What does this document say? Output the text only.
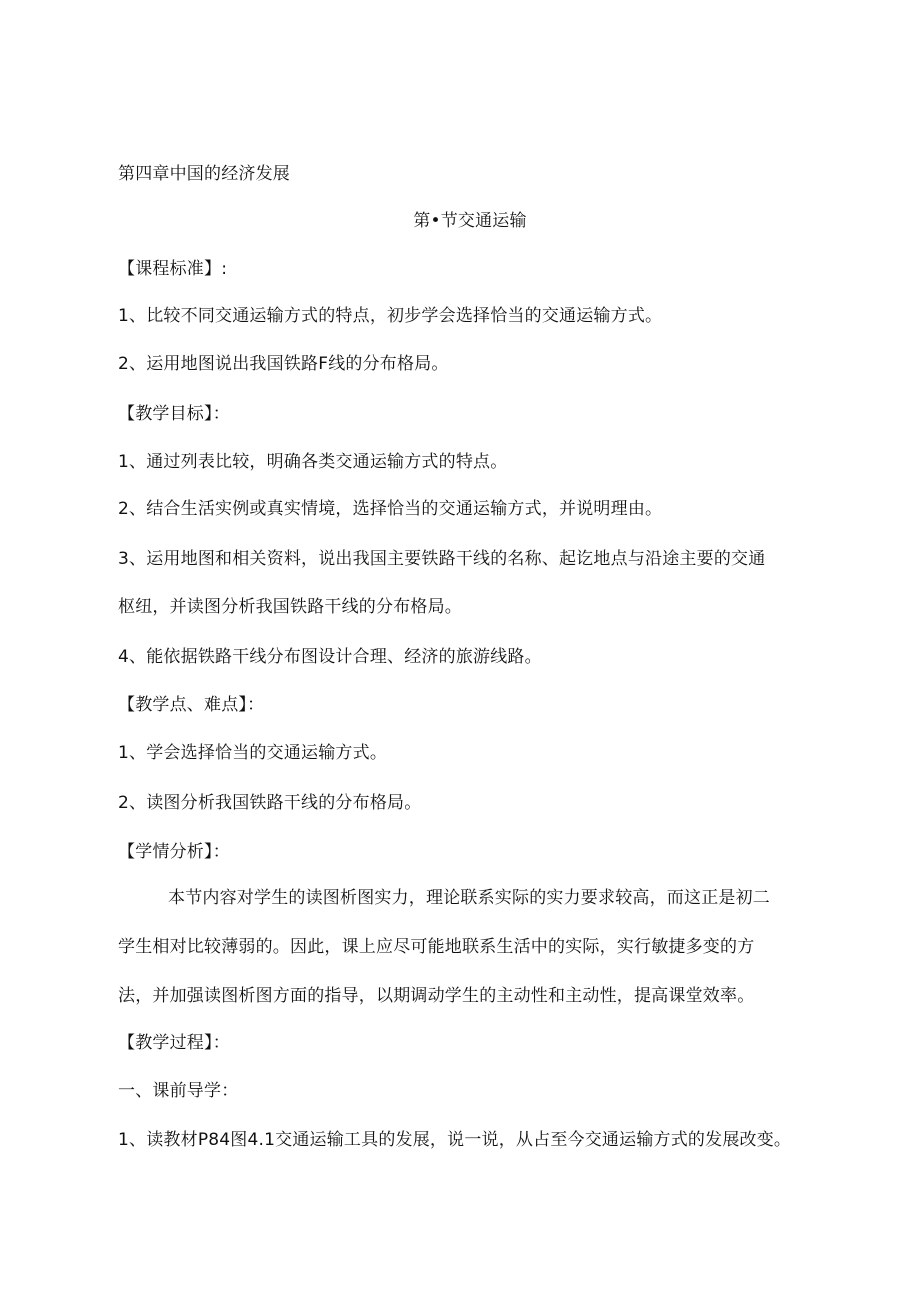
第四章中国的经济发展
第•节交通运输
【课程标准】:
1、比较不同交通运输方式的特点，初步学会选择恰当的交通运输方式。
2、运用地图说出我国铁路F线的分布格局。
【教学目标】：
1、通过列表比较，明确各类交通运输方式的特点。
2、结合生活实例或真实情境，选择恰当的交通运输方式，并说明理由。
3、运用地图和相关资料，说出我国主要铁路干线的名称、起讫地点与沿途主要的交通
枢纽，并读图分析我国铁路干线的分布格局。
4、能依据铁路干线分布图设计合理、经济的旅游线路。
【教学点、难点】：
1、学会选择恰当的交通运输方式。
2、读图分析我国铁路干线的分布格局。
【学情分析】：
本节内容对学生的读图析图实力，理论联系实际的实力要求较高，而这正是初二
学生相对比较薄弱的。因此，课上应尽可能地联系生活中的实际，实行敏捷多变的方
法，并加强读图析图方面的指导，以期调动学生的主动性和主动性，提高课堂效率。
【教学过程】：
一、课前导学：
1、读教材P84图4.1交通运输工具的发展，说一说，从占至今交通运输方式的发展改变。
